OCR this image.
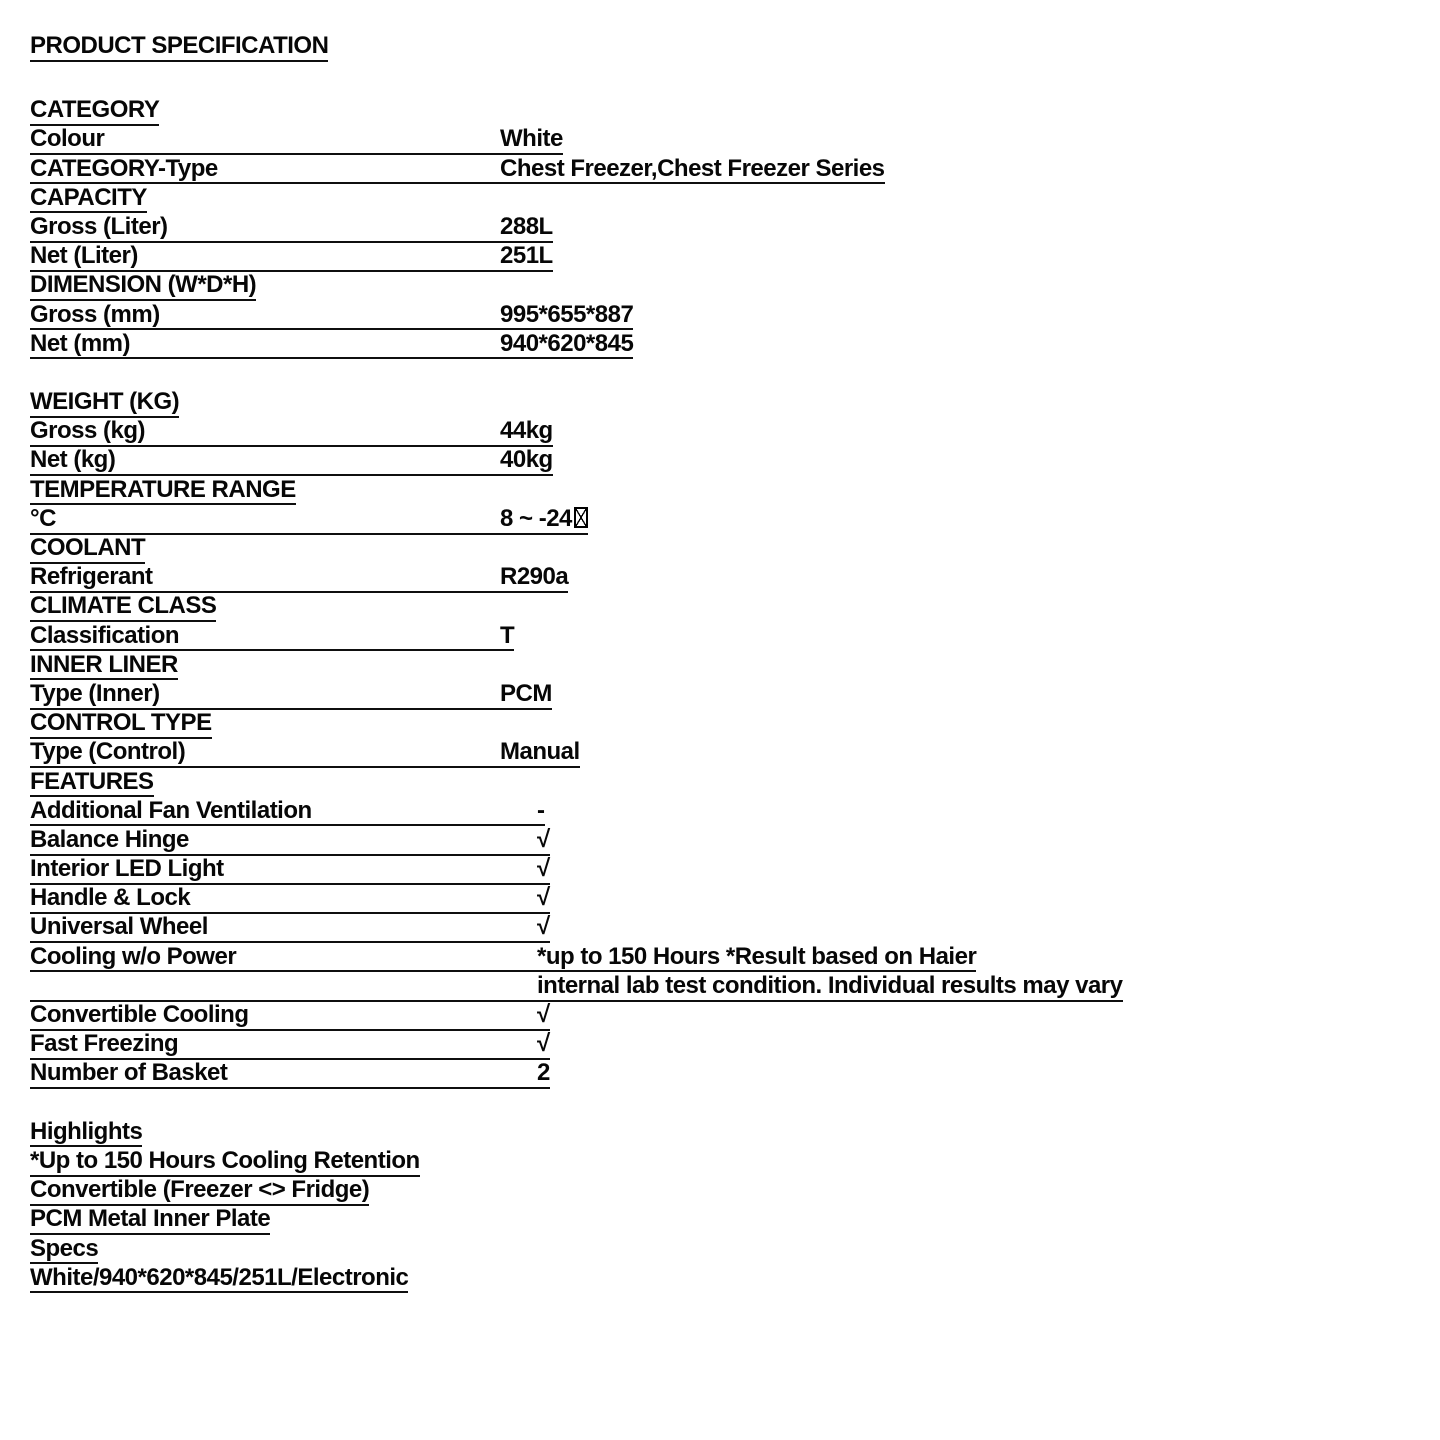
PRODUCT SPECIFICATION
CATEGORY
Colour	White
CATEGORY-Type	Chest Freezer,Chest Freezer Series
CAPACITY
Gross (Liter)	288L
Net (Liter)	251L
DIMENSION (W*D*H)
Gross (mm)	995*655*887
Net (mm)	940*620*845
WEIGHT (KG)
Gross (kg)	44kg
Net (kg)	40kg
TEMPERATURE RANGE
°C	8 ~ -24
COOLANT
Refrigerant	R290a
CLIMATE CLASS
Classification	T
INNER LINER
Type (Inner)	PCM
CONTROL TYPE
Type (Control)	Manual
FEATURES
Additional Fan Ventilation	-
Balance Hinge	√
Interior LED Light	√
Handle & Lock	√
Universal Wheel	√
Cooling w/o Power	*up to 150 Hours *Result based on Haier
internal lab test condition. Individual results may vary
Convertible Cooling	√
Fast Freezing	√
Number of Basket	2
Highlights
*Up to 150 Hours Cooling Retention
Convertible (Freezer <> Fridge)
PCM Metal Inner Plate
Specs
White/940*620*845/251L/Electronic
